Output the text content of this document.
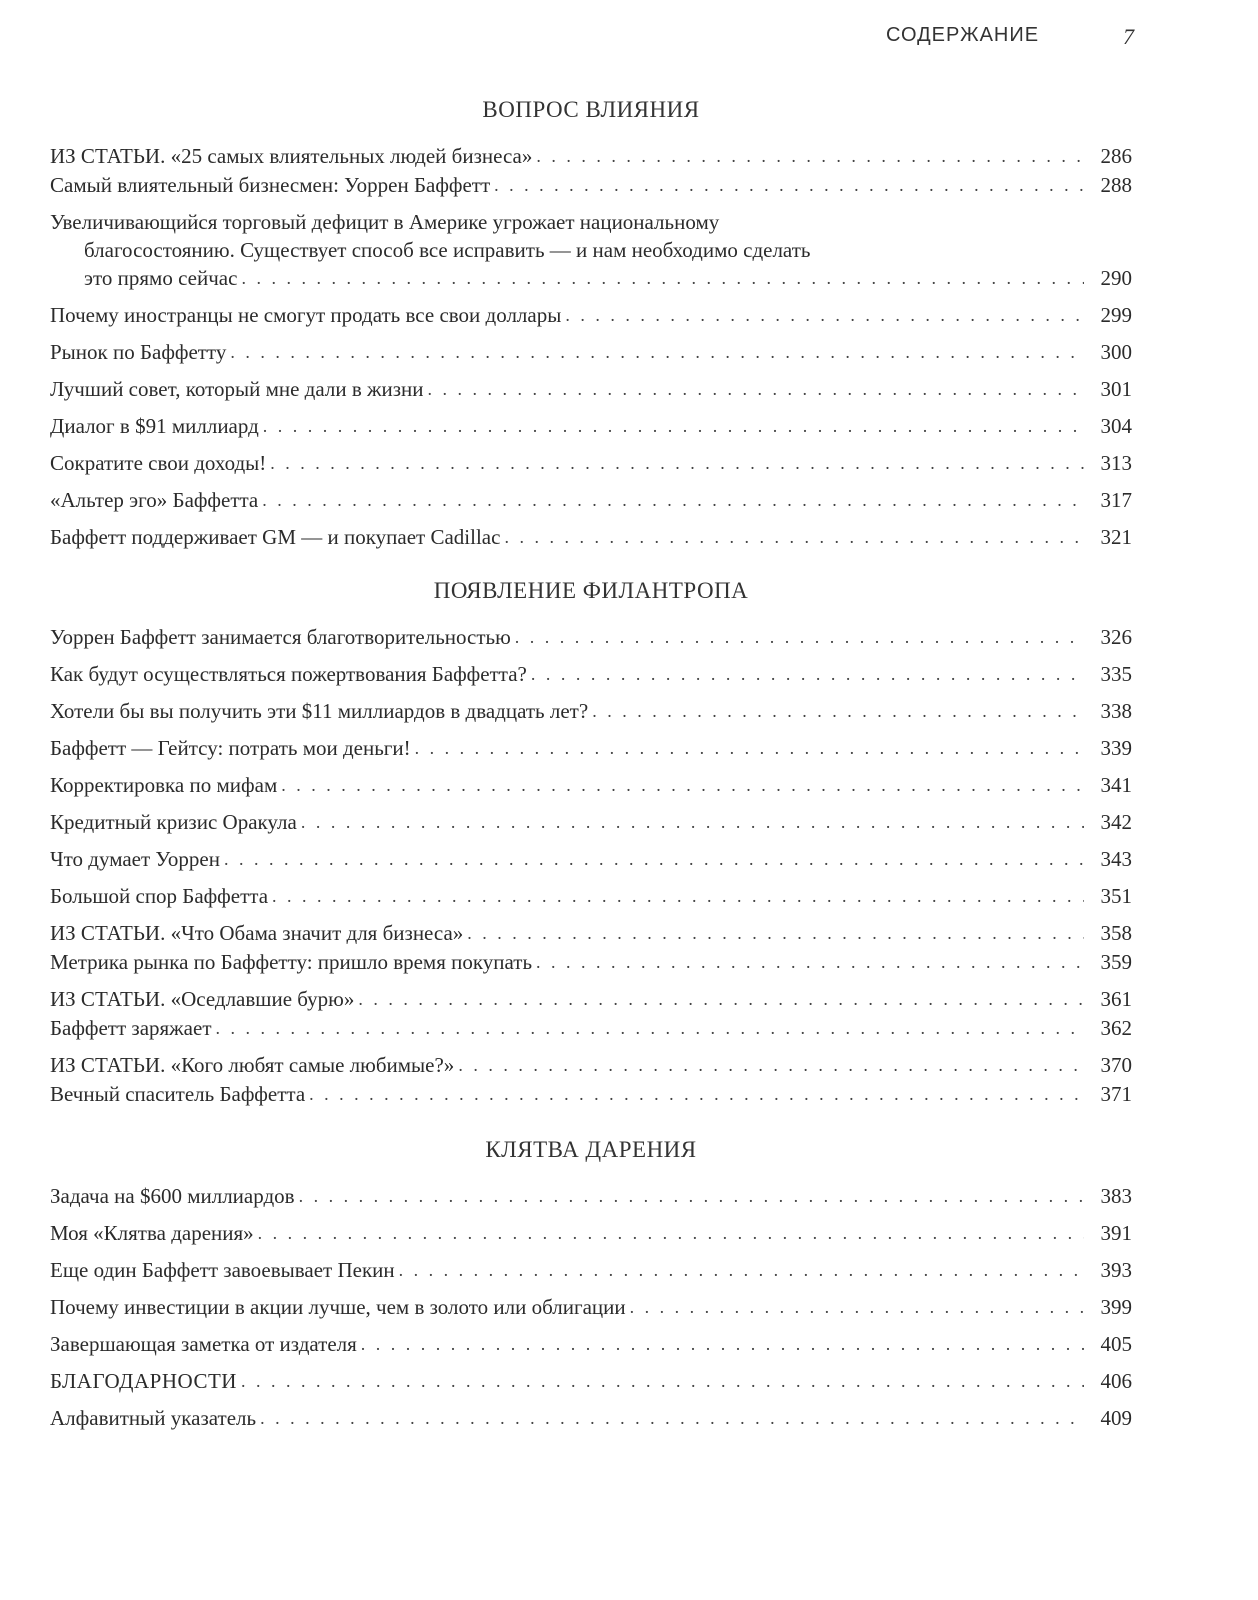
СОДЕРЖАНИЕ	7
ВОПРОС ВЛИЯНИЯ
ИЗ СТАТЬИ. «25 самых влиятельных людей бизнеса» . . .	286
Самый влиятельный бизнесмен: Уоррен Баффетт . . .	288
Увеличивающийся торговый дефицит в Америке угрожает национальному
благосостоянию. Существует способ все исправить — и нам необходимо сделать
это прямо сейчас . . .	290
Почему иностранцы не смогут продать все свои доллары . . .	299
Рынок по Баффетту . . .	300
Лучший совет, который мне дали в жизни . . .	301
Диалог в $91 миллиард . . .	304
Сократите свои доходы! . . .	313
«Альтер эго» Баффетта . . .	317
Баффетт поддерживает GM — и покупает Cadillac . . .	321
ПОЯВЛЕНИЕ ФИЛАНТРОПА
Уоррен Баффетт занимается благотворительностью . . .	326
Как будут осуществляться пожертвования Баффетта? . . .	335
Хотели бы вы получить эти $11 миллиардов в двадцать лет? . . .	338
Баффетт — Гейтсу: потрать мои деньги! . . .	339
Корректировка по мифам . . .	341
Кредитный кризис Оракула . . .	342
Что думает Уоррен . . .	343
Большой спор Баффетта . . .	351
ИЗ СТАТЬИ. «Что Обама значит для бизнеса» . . .	358
Метрика рынка по Баффетту: пришло время покупать . . .	359
ИЗ СТАТЬИ. «Оседлавшие бурю» . . .	361
Баффетт заряжает . . .	362
ИЗ СТАТЬИ. «Кого любят самые любимые?» . . .	370
Вечный спаситель Баффетта . . .	371
КЛЯТВА ДАРЕНИЯ
Задача на $600 миллиардов . . .	383
Моя «Клятва дарения» . . .	391
Еще один Баффетт завоевывает Пекин . . .	393
Почему инвестиции в акции лучше, чем в золото или облигации . . .	399
Завершающая заметка от издателя . . .	405
БЛАГОДАРНОСТИ . . .	406
Алфавитный указатель . . .	409
